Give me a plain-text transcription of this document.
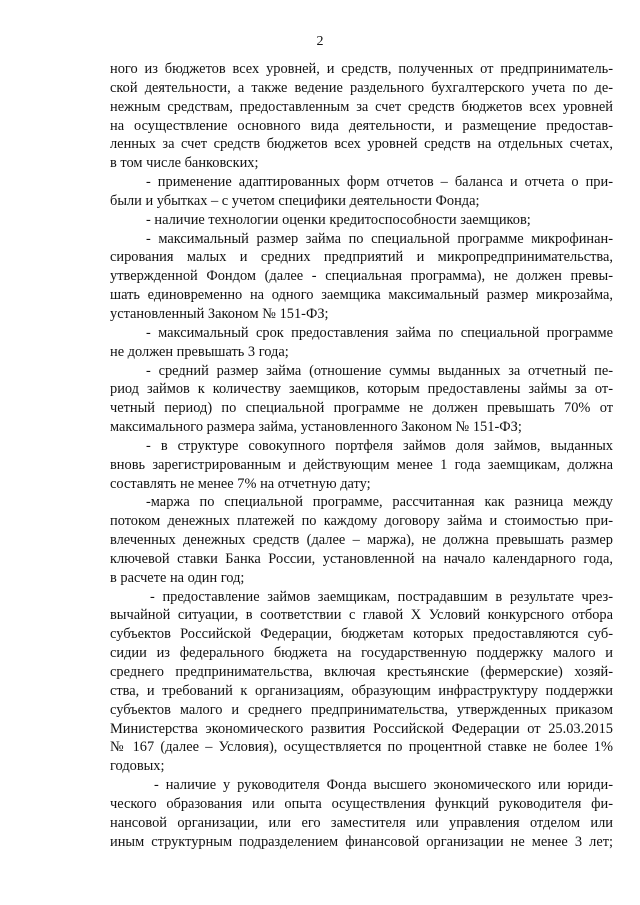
2
ного из бюджетов всех уровней, и средств, полученных от предприниматель-
ской деятельности, а также ведение раздельного бухгалтерского учета по де-
нежным средствам, предоставленным за счет средств бюджетов всех уровней
на осуществление основного вида деятельности, и размещение предостав-
ленных за счет средств бюджетов всех уровней средств на отдельных счетах,
в том числе банковских;
- применение адаптированных форм отчетов – баланса и отчета о при-
были и убытках – с учетом специфики деятельности Фонда;
- наличие технологии оценки кредитоспособности заемщиков;
- максимальный размер займа по специальной программе микрофинан-
сирования малых и средних предприятий и микропредпринимательства,
утвержденной Фондом (далее - специальная программа), не должен превы-
шать единовременно на одного заемщика максимальный размер микрозайма,
установленный Законом № 151-ФЗ;
- максимальный срок предоставления займа по специальной программе
не должен превышать 3 года;
- средний размер займа (отношение суммы выданных за отчетный пе-
риод займов к количеству заемщиков, которым предоставлены займы за от-
четный период) по специальной программе не должен превышать 70% от
максимального размера займа, установленного Законом № 151-ФЗ;
- в структуре совокупного портфеля займов доля займов, выданных
вновь зарегистрированным и действующим менее 1 года заемщикам, должна
составлять не менее 7% на отчетную дату;
-маржа по специальной программе, рассчитанная как разница между
потоком денежных платежей по каждому договору займа и стоимостью при-
влеченных денежных средств (далее – маржа), не должна превышать размер
ключевой ставки Банка России, установленной на начало календарного года,
в расчете на один год;
- предоставление займов заемщикам, пострадавшим в результате чрез-
вычайной ситуации, в соответствии с главой X Условий конкурсного отбора
субъектов Российской Федерации, бюджетам которых предоставляются суб-
сидии из федерального бюджета на государственную поддержку малого и
среднего предпринимательства, включая крестьянские (фермерские) хозяй-
ства, и требований к организациям, образующим инфраструктуру поддержки
субъектов малого и среднего предпринимательства, утвержденных приказом
Министерства экономического развития Российской Федерации от 25.03.2015
№ 167 (далее – Условия), осуществляется по процентной ставке не более 1%
годовых;
- наличие у руководителя Фонда высшего экономического или юриди-
ческого образования или опыта осуществления функций руководителя фи-
нансовой организации, или его заместителя или управления отделом или
иным структурным подразделением финансовой организации не менее 3 лет;
